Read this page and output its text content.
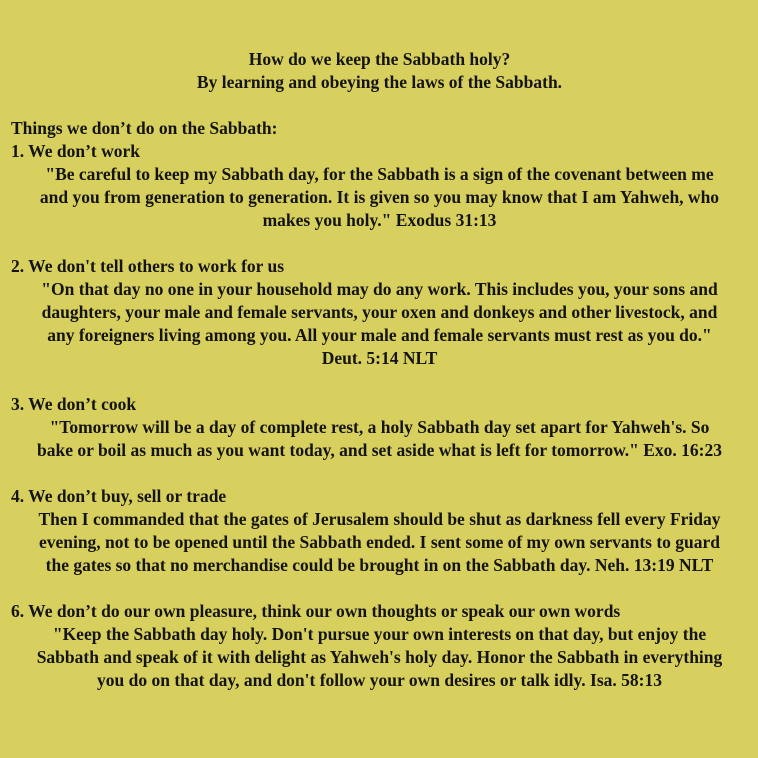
How do we keep the Sabbath holy?
By learning and obeying the laws of the Sabbath.
Things we don’t do on the Sabbath:
1. We don’t work
"Be careful to keep my Sabbath day, for the Sabbath is a sign of the covenant between me
and you from generation to generation. It is given so you may know that I am Yahweh, who
makes you holy." Exodus 31:13
2. We don't tell others to work for us
"On that day no one in your household may do any work. This includes you, your sons and
daughters, your male and female servants, your oxen and donkeys and other livestock, and
any foreigners living among you. All your male and female servants must rest as you do."
Deut. 5:14 NLT
3. We don’t cook
"Tomorrow will be a day of complete rest, a holy Sabbath day set apart for Yahweh's. So
bake or boil as much as you want today, and set aside what is left for tomorrow." Exo. 16:23
4. We don’t buy, sell or trade
Then I commanded that the gates of Jerusalem should be shut as darkness fell every Friday
evening, not to be opened until the Sabbath ended. I sent some of my own servants to guard
the gates so that no merchandise could be brought in on the Sabbath day. Neh. 13:19 NLT
6. We don’t do our own pleasure, think our own thoughts or speak our own words
"Keep the Sabbath day holy. Don't pursue your own interests on that day, but enjoy the
Sabbath and speak of it with delight as Yahweh's holy day. Honor the Sabbath in everything
you do on that day, and don't follow your own desires or talk idly. Isa. 58:13
